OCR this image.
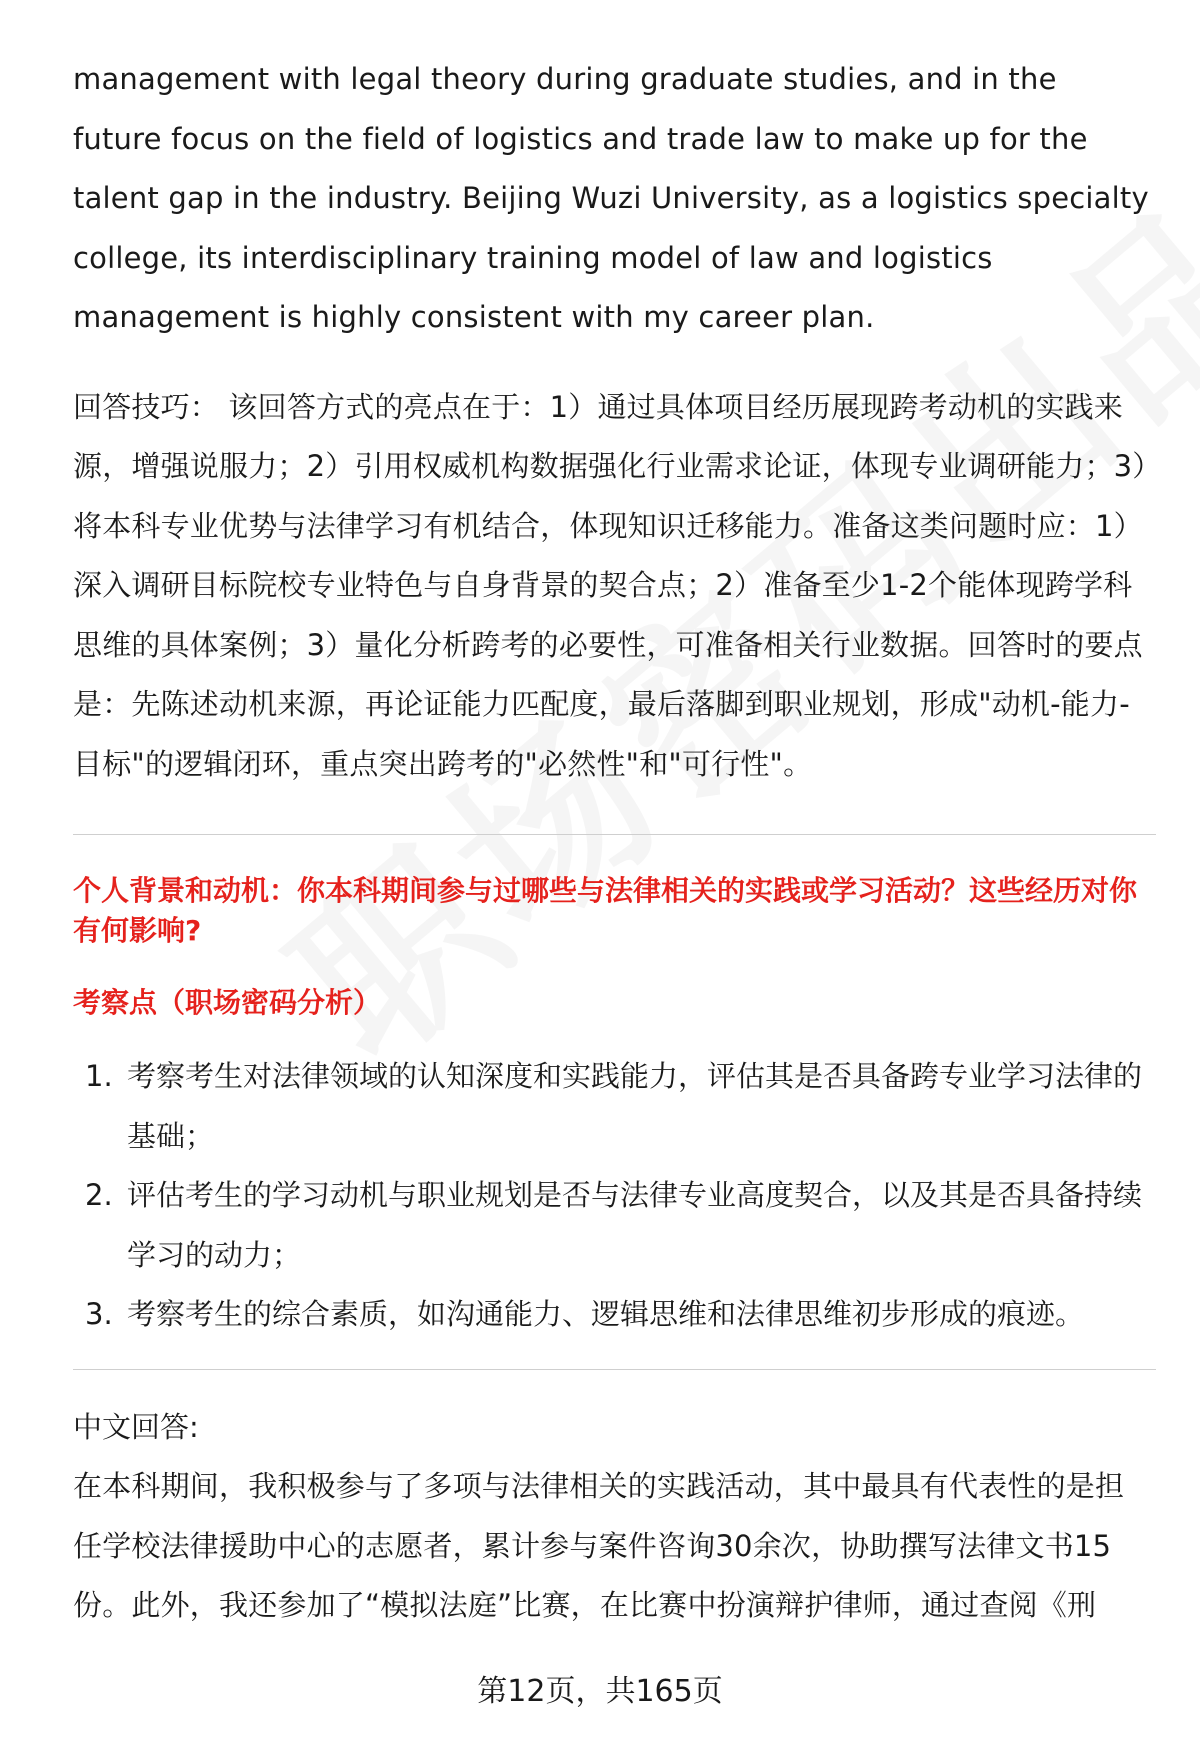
management with legal theory during graduate studies, and in the future focus on the field of logistics and trade law to make up for the talent gap in the industry. Beijing Wuzi University, as a logistics specialty college, its interdisciplinary training model of law and logistics management is highly consistent with my career plan.

回答技巧： 该回答方式的亮点在于：1）通过具体项目经历展现跨考动机的实践来源，增强说服力；2）引用权威机构数据强化行业需求论证，体现专业调研能力；3）将本科专业优势与法律学习有机结合，体现知识迁移能力。准备这类问题时应：1）深入调研目标院校专业特色与自身背景的契合点；2）准备至少1-2个能体现跨学科思维的具体案例；3）量化分析跨考的必要性，可准备相关行业数据。回答时的要点是：先陈述动机来源，再论证能力匹配度，最后落脚到职业规划，形成"动机-能力-目标"的逻辑闭环，重点突出跨考的"必然性"和"可行性"。

个人背景和动机：你本科期间参与过哪些与法律相关的实践或学习活动？这些经历对你有何影响?

考察点（职场密码分析）

1. 考察考生对法律领域的认知深度和实践能力，评估其是否具备跨专业学习法律的基础；
2. 评估考生的学习动机与职业规划是否与法律专业高度契合，以及其是否具备持续学习的动力；
3. 考察考生的综合素质，如沟通能力、逻辑思维和法律思维初步形成的痕迹。

中文回答:

在本科期间，我积极参与了多项与法律相关的实践活动，其中最具有代表性的是担任学校法律援助中心的志愿者，累计参与案件咨询30余次，协助撰写法律文书15份。此外，我还参加了“模拟法庭”比赛，在比赛中扮演辩护律师，通过查阅《刑

第12页，共165页
